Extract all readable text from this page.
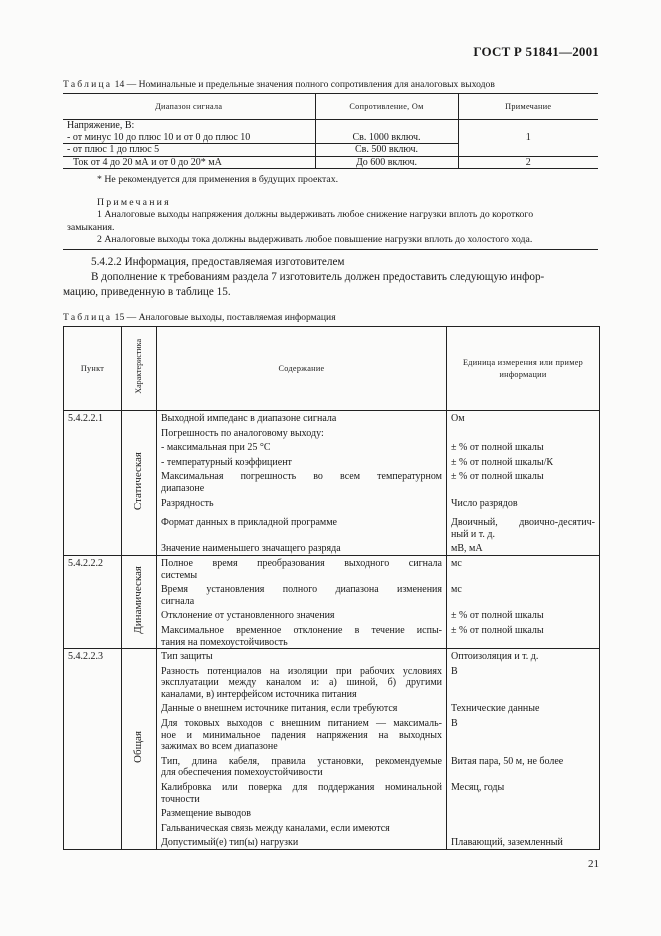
ГОСТ Р 51841—2001
Таблица 14 — Номинальные и предельные значения полного сопротивления для аналоговых выходов
Диапазон сигнала	Сопротивление, Ом	Примечание

Напряжение, В:
- от минус 10 до плюс 10 и от 0 до плюс 10	Св. 1000 включ.	1

- от плюс 1 до плюс 5	Св. 500 включ.	

Ток от 4 до 20 мА и от 0 до 20* мА	До 600 включ.	2

* Не рекомендуется для применения в будущих проектах.
Примечания
1 Аналоговые выходы напряжения должны выдерживать любое снижение нагрузки вплоть до короткого
замыкания.
2 Аналоговые выходы тока должны выдерживать любое повышение нагрузки вплоть до холостого хода.		
5.4.2.2 Информация, предоставляемая изготовителем
В дополнение к требованиям раздела 7 изготовитель должен предоставить следующую инфор-
мацию, приведенную в таблице 15.
Таблица 15 — Аналоговые выходы, поставляемая информация
Пункт	Характеристика	Содержание	Единица измерения или пример
информации

5.4.2.2.1	Статическая	Выходной импеданс в диапазоне сигнала	Ом

		Погрешность по аналоговому выходу:	

		- максимальная при 25 °C	± % от полной шкалы

		- температурный коэффициент	± % от полной шкалы/К

		Максимальная погрешность во всем температурном
диапазоне	± % от полной шкалы

		Разрядность	Число разрядов

		Формат данных в прикладной программе	Двоичный, двоично-десятич-
ный и т. д.

		Значение наименьшего значащего разряда	мВ, мА

5.4.2.2.2	Динамическая	Полное время преобразования выходного сигнала
системы	мс

		Время установления полного диапазона изменения
сигнала	мс

		Отклонение от установленного значения	± % от полной шкалы

		Максимальное временное отклонение в течение испы-
тания на помехоустойчивость	± % от полной шкалы

5.4.2.2.3	Общая	Тип защиты	Оптоизоляция и т. д.

		Разность потенциалов на изоляции при рабочих условиях
эксплуатации между каналом и: а) шиной, б) другими
каналами, в) интерфейсом источника питания	В

		Данные о внешнем источнике питания, если требуются	Технические данные

		Для токовых выходов с внешним питанием — максималь-
ное и минимальное падения напряжения на выходных
зажимах во всем диапазоне	В

		Тип, длина кабеля, правила установки, рекомендуемые
для обеспечения помехоустойчивости	Витая пара, 50 м, не более

		Калибровка или поверка для поддержания номинальной
точности	Месяц, годы

		Размещение выводов	

		Гальваническая связь между каналами, если имеются	

		Допустимый(е) тип(ы) нагрузки	Плавающий, заземленный
21
